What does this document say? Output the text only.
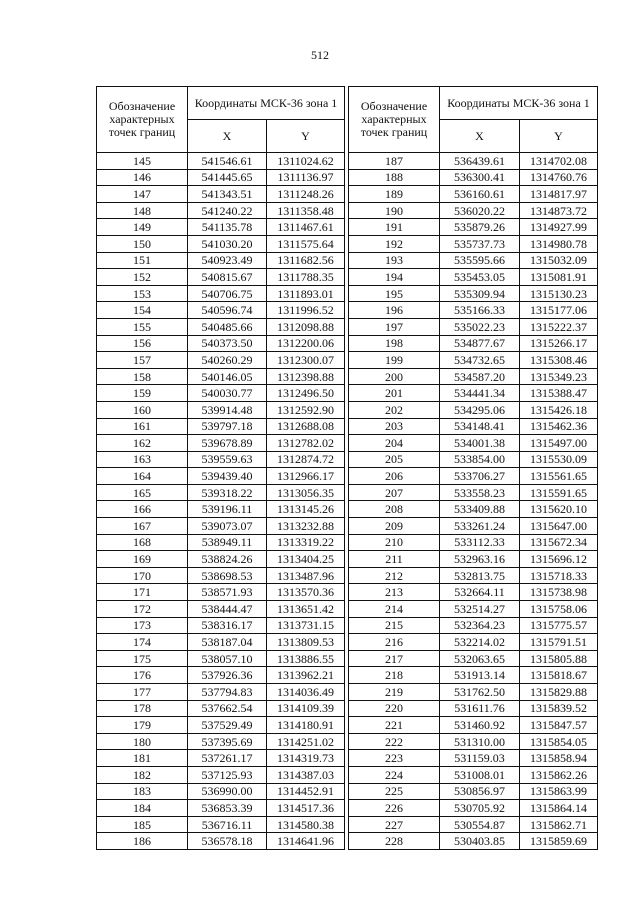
512
Обозначение характерных точек границ	Координаты МСК-36 зона 1	
	X	Y
145	541546.61	1311024.62
146	541445.65	1311136.97
147	541343.51	1311248.26
148	541240.22	1311358.48
149	541135.78	1311467.61
150	541030.20	1311575.64
151	540923.49	1311682.56
152	540815.67	1311788.35
153	540706.75	1311893.01
154	540596.74	1311996.52
155	540485.66	1312098.88
156	540373.50	1312200.06
157	540260.29	1312300.07
158	540146.05	1312398.88
159	540030.77	1312496.50
160	539914.48	1312592.90
161	539797.18	1312688.08
162	539678.89	1312782.02
163	539559.63	1312874.72
164	539439.40	1312966.17
165	539318.22	1313056.35
166	539196.11	1313145.26
167	539073.07	1313232.88
168	538949.11	1313319.22
169	538824.26	1313404.25
170	538698.53	1313487.96
171	538571.93	1313570.36
172	538444.47	1313651.42
173	538316.17	1313731.15
174	538187.04	1313809.53
175	538057.10	1313886.55
176	537926.36	1313962.21
177	537794.83	1314036.49
178	537662.54	1314109.39
179	537529.49	1314180.91
180	537395.69	1314251.02
181	537261.17	1314319.73
182	537125.93	1314387.03
183	536990.00	1314452.91
184	536853.39	1314517.36
185	536716.11	1314580.38
186	536578.18	1314641.96
Обозначение характерных точек границ	Координаты МСК-36 зона 1	
	X	Y
187	536439.61	1314702.08
188	536300.41	1314760.76
189	536160.61	1314817.97
190	536020.22	1314873.72
191	535879.26	1314927.99
192	535737.73	1314980.78
193	535595.66	1315032.09
194	535453.05	1315081.91
195	535309.94	1315130.23
196	535166.33	1315177.06
197	535022.23	1315222.37
198	534877.67	1315266.17
199	534732.65	1315308.46
200	534587.20	1315349.23
201	534441.34	1315388.47
202	534295.06	1315426.18
203	534148.41	1315462.36
204	534001.38	1315497.00
205	533854.00	1315530.09
206	533706.27	1315561.65
207	533558.23	1315591.65
208	533409.88	1315620.10
209	533261.24	1315647.00
210	533112.33	1315672.34
211	532963.16	1315696.12
212	532813.75	1315718.33
213	532664.11	1315738.98
214	532514.27	1315758.06
215	532364.23	1315775.57
216	532214.02	1315791.51
217	532063.65	1315805.88
218	531913.14	1315818.67
219	531762.50	1315829.88
220	531611.76	1315839.52
221	531460.92	1315847.57
222	531310.00	1315854.05
223	531159.03	1315858.94
224	531008.01	1315862.26
225	530856.97	1315863.99
226	530705.92	1315864.14
227	530554.87	1315862.71
228	530403.85	1315859.69
